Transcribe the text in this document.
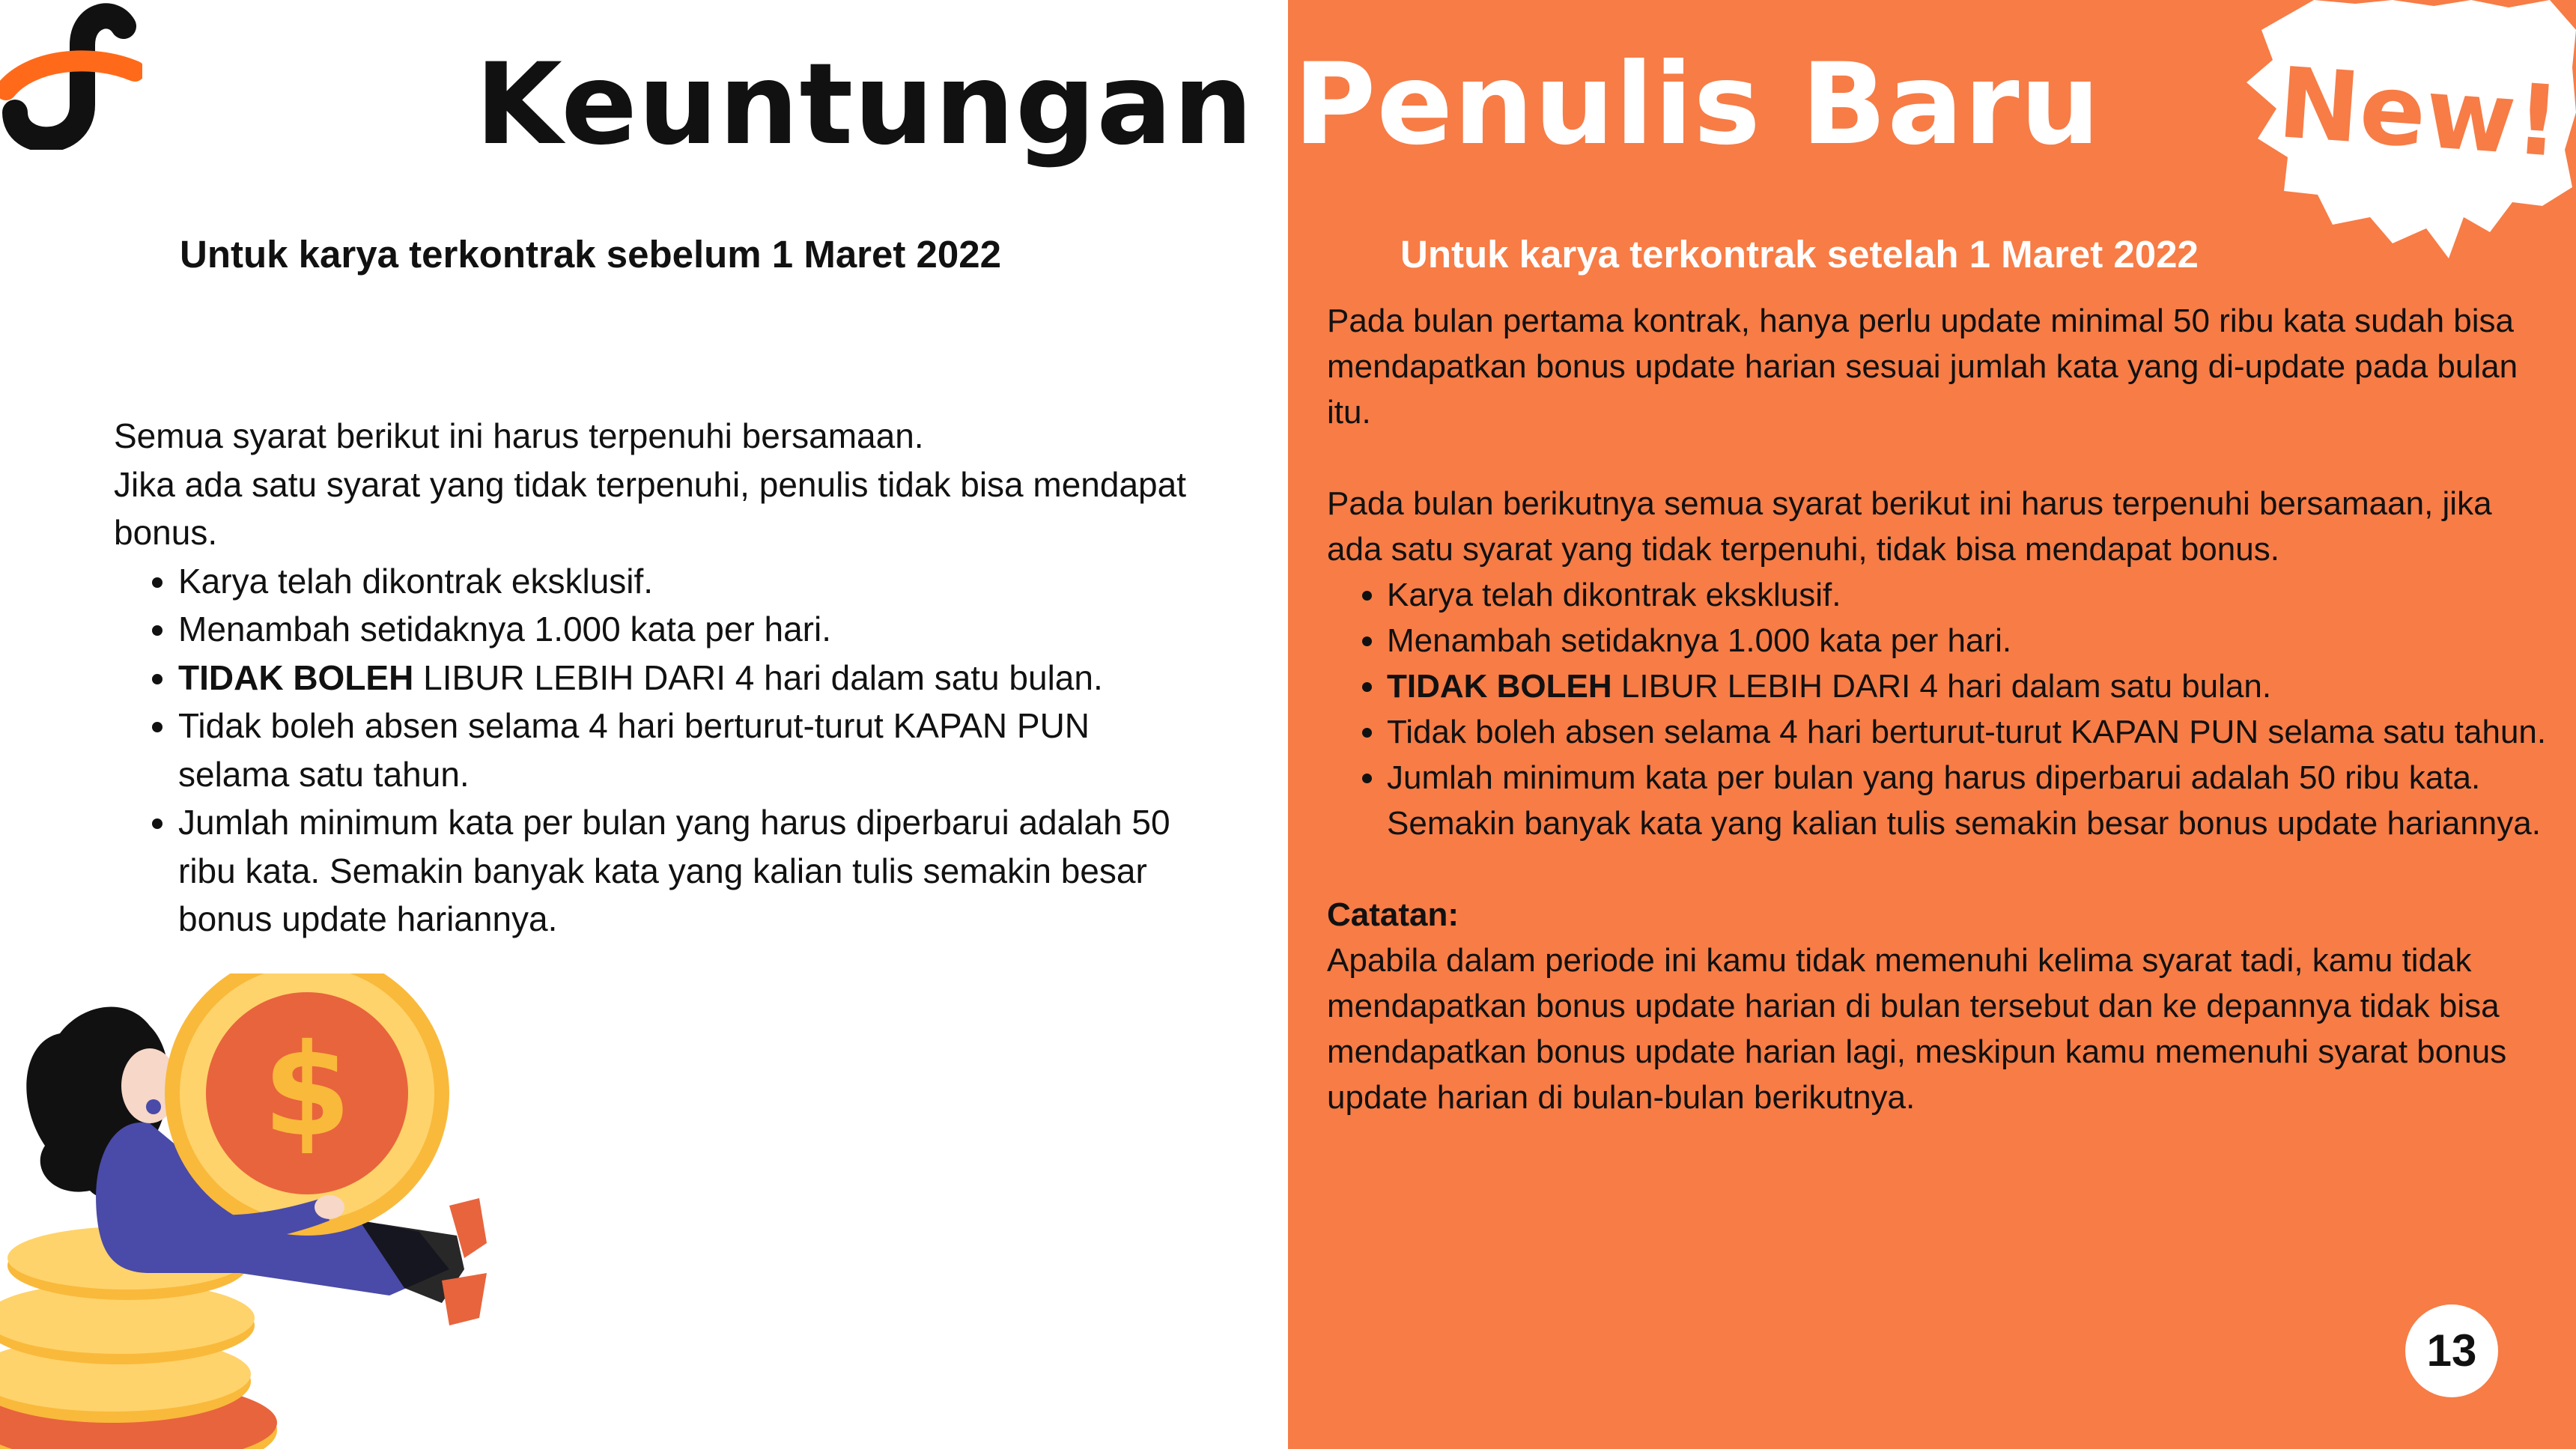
Keuntungan Penulis Baru	New!
Untuk karya terkontrak sebelum 1 Maret 2022	Untuk karya terkontrak setelah 1 Maret 2022

Semua syarat berikut ini harus terpenuhi bersamaan.

Jika ada satu syarat yang tidak terpenuhi, penulis tidak bisa mendapat bonus.

• Karya telah dikontrak eksklusif.
• Menambah setidaknya 1.000 kata per hari.
• TIDAK BOLEH LIBUR LEBIH DARI 4 hari dalam satu bulan.
• Tidak boleh absen selama 4 hari berturut-turut KAPAN PUN selama satu tahun.
• Jumlah minimum kata per bulan yang harus diperbarui adalah 50 ribu kata. Semakin banyak kata yang kalian tulis semakin besar bonus update hariannya.

Pada bulan pertama kontrak, hanya perlu update minimal 50 ribu kata sudah bisa mendapatkan bonus update harian sesuai jumlah kata yang di-update pada bulan itu.

Pada bulan berikutnya semua syarat berikut ini harus terpenuhi bersamaan, jika ada satu syarat yang tidak terpenuhi, tidak bisa mendapat bonus.

• Karya telah dikontrak eksklusif.
• Menambah setidaknya 1.000 kata per hari.
• TIDAK BOLEH LIBUR LEBIH DARI 4 hari dalam satu bulan.
• Tidak boleh absen selama 4 hari berturut-turut KAPAN PUN selama satu tahun.
• Jumlah minimum kata per bulan yang harus diperbarui adalah 50 ribu kata. Semakin banyak kata yang kalian tulis semakin besar bonus update hariannya.

Catatan:

Apabila dalam periode ini kamu tidak memenuhi kelima syarat tadi, kamu tidak mendapatkan bonus update harian di bulan tersebut dan ke depannya tidak bisa mendapatkan bonus update harian lagi, meskipun kamu memenuhi syarat bonus update harian di bulan-bulan berikutnya.

$
13
